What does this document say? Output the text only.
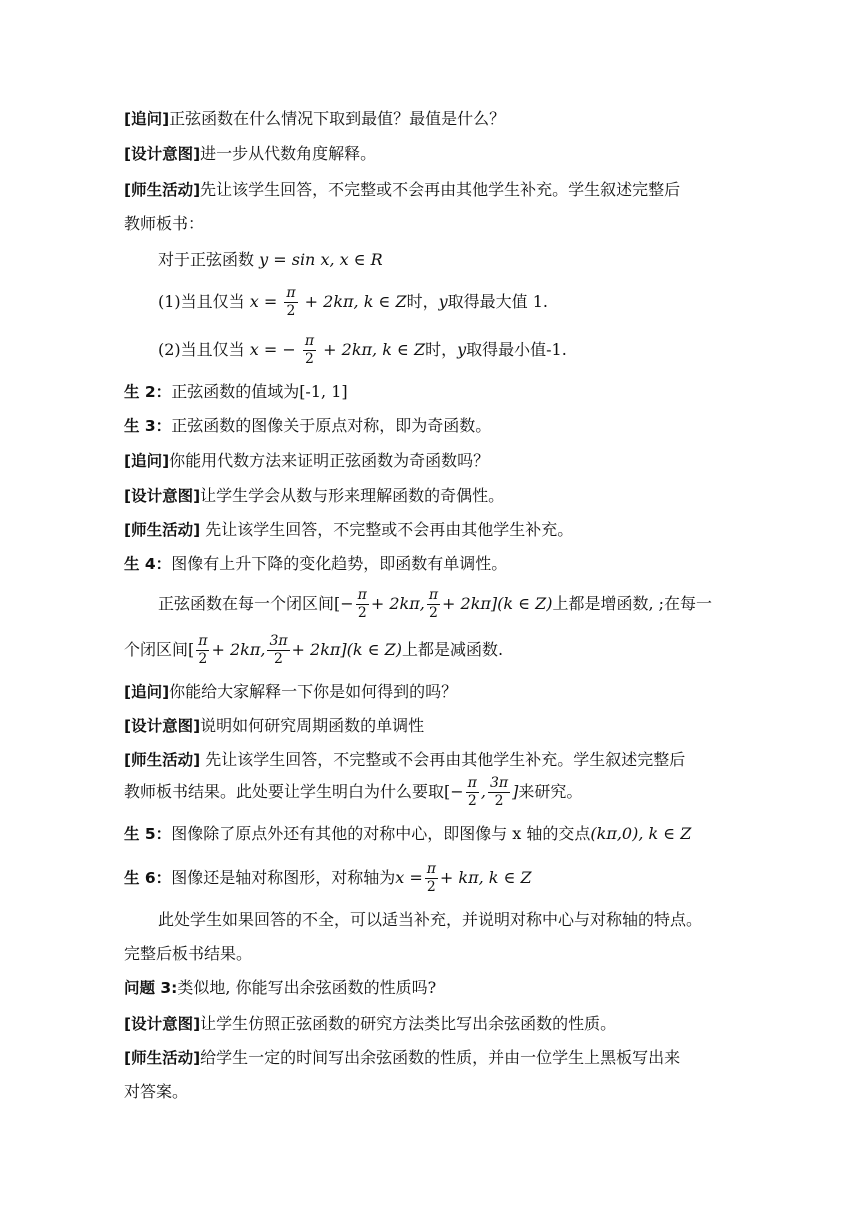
[追问]正弦函数在什么情况下取到最值？最值是什么？
[设计意图]进一步从代数角度解释。
[师生活动]先让该学生回答，不完整或不会再由其他学生补充。学生叙述完整后
教师板书：
对于正弦函数 y = sin x, x ∈ R
(1)当且仅当 $x = \frac{\pi}{2} + 2k\pi$, k ∈ Z时，y取得最大值 1.
(2)当且仅当 x = − $\frac{\pi}{2} + 2k\pi$, k ∈ Z时，y取得最小值-1.
生 2：正弦函数的值域为[-1, 1]
生 3：正弦函数的图像关于原点对称，即为奇函数。
[追问]你能用代数方法来证明正弦函数为奇函数吗？
[设计意图]让学生学会从数与形来理解函数的奇偶性。
[师生活动] 先让该学生回答，不完整或不会再由其他学生补充。
生 4：图像有上升下降的变化趋势，即函数有单调性。
正弦函数在每一个闭区间[− $\frac{\pi}{2} + 2k\pi$, $\frac{\pi}{2} + 2k\pi](k$ ∈ Z)上都是增函数, ;在每一
个闭区间[ $\frac{\pi}{2} + 2k\pi$, $\frac{3\pi}{2} + 2k\pi](k$ ∈ Z)上都是减函数.
[追问]你能给大家解释一下你是如何得到的吗？
[设计意图]说明如何研究周期函数的单调性
[师生活动] 先让该学生回答，不完整或不会再由其他学生补充。学生叙述完整后
教师板书结果。此处要让学生明白为什么要取[− $\frac{\pi}{2}$ , $\frac{3\pi}{2}$ ]来研究。
生 5：图像除了原点外还有其他的对称中心，即图像与 x 轴的交点(kπ,0), k ∈ Z
生 6：图像还是轴对称图形，对称轴为$x = \frac{\pi}{2} + k\pi$, k ∈ Z
此处学生如果回答的不全，可以适当补充，并说明对称中心与对称轴的特点。
完整后板书结果。
问题 3:类似地, 你能写出余弦函数的性质吗?
[设计意图]让学生仿照正弦函数的研究方法类比写出余弦函数的性质。
[师生活动]给学生一定的时间写出余弦函数的性质，并由一位学生上黑板写出来
对答案。
